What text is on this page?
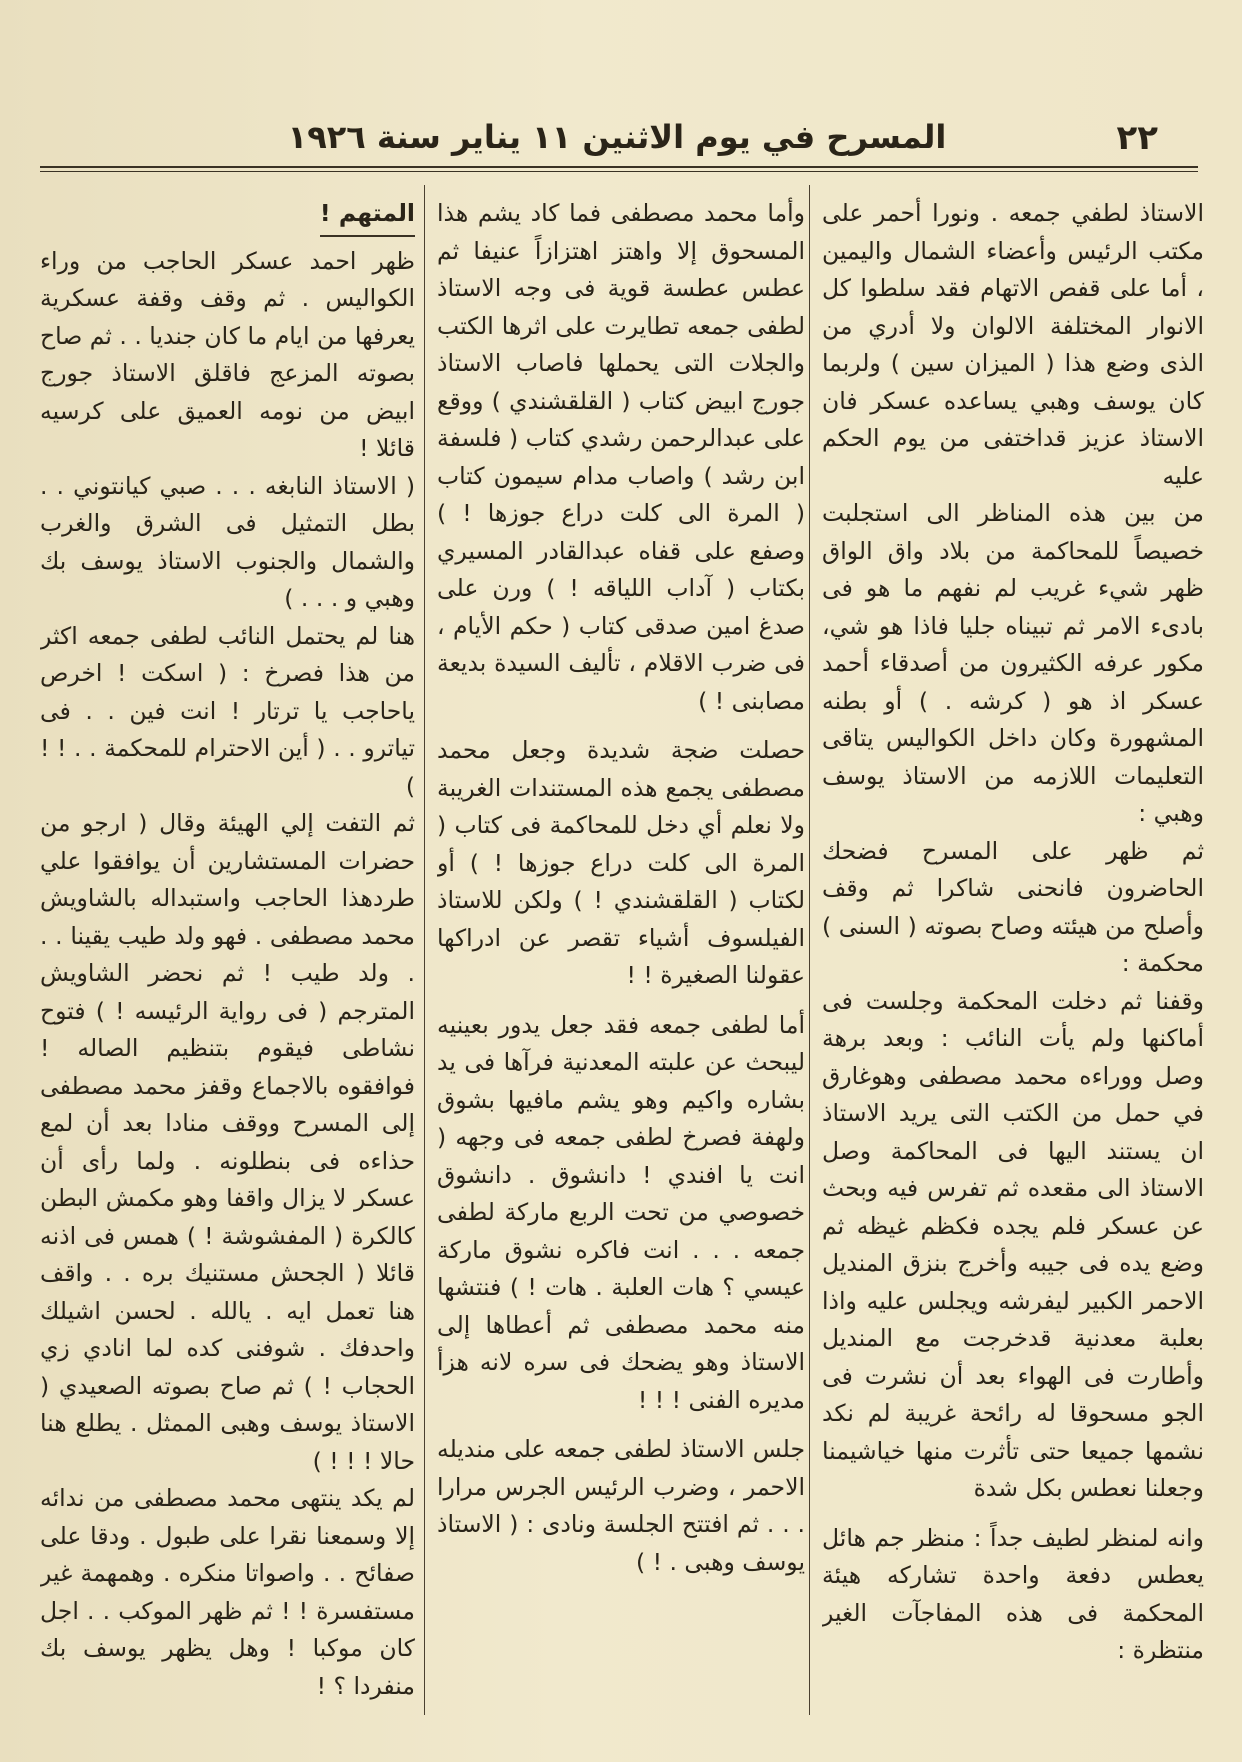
٢٢
المسرح في يوم الاثنين ١١ يناير سنة ١٩٢٦

الاستاذ لطفي جمعه . ونورا أحمر على مكتب الرئيس وأعضاء الشمال واليمين ، أما على قفص الاتهام فقد سلطوا كل الانوار المختلفة الالوان ولا أدري من الذى وضع هذا ( الميزان سين ) ولربما كان يوسف وهبي يساعده عسكر فان الاستاذ عزيز قداختفى من يوم الحكم عليه

من بين هذه المناظر الى استجلبت خصيصاً للمحاكمة من بلاد واق الواق ظهر شيء غريب لم نفهم ما هو فى بادىء الامر ثم تبيناه جليا فاذا هو شي، مكور عرفه الكثيرون من أصدقاء أحمد عسكر اذ هو ( كرشه . ) أو بطنه المشهورة وكان داخل الكواليس يتاقى التعليمات اللازمه من الاستاذ يوسف وهبي :

ثم ظهر على المسرح فضحك الحاضرون فانحنى شاكرا ثم وقف وأصلح من هيئته وصاح بصوته ( السنى ) محكمة :

وقفنا ثم دخلت المحكمة وجلست فى أماكنها ولم يأت النائب : وبعد برهة وصل ووراءه محمد مصطفى وهوغارق في حمل من الكتب التى يريد الاستاذ ان يستند اليها فى المحاكمة وصل الاستاذ الى مقعده ثم تفرس فيه وبحث عن عسكر فلم يجده فكظم غيظه ثم وضع يده فى جيبه وأخرج بنزق المنديل الاحمر الكبير ليفرشه ويجلس عليه واذا بعلبة معدنية قدخرجت مع المنديل وأطارت فى الهواء بعد أن نشرت فى الجو مسحوقا له رائحة غريبة لم نكد نشمها جميعا حتى تأثرت منها خياشيمنا وجعلنا نعطس بكل شدة

وانه لمنظر لطيف جداً : منظر جم هائل يعطس دفعة واحدة تشاركه هيئة المحكمة فى هذه المفاجآت الغير منتظرة :

وأما محمد مصطفى فما كاد يشم هذا المسحوق إلا واهتز اهتزازاً عنيفا ثم عطس عطسة قوية فى وجه الاستاذ لطفى جمعه تطايرت على اثرها الكتب والجلات التى يحملها فاصاب الاستاذ جورج ابيض كتاب ( القلقشندي ) ووقع على عبدالرحمن رشدي كتاب ( فلسفة ابن رشد ) واصاب مدام سيمون كتاب ( المرة الى كلت دراع جوزها ! ) وصفع على قفاه عبدالقادر المسيري بكتاب ( آداب اللياقه ! ) ورن على صدغ امين صدقى كتاب ( حكم الأيام ، فى ضرب الاقلام ، تأليف السيدة بديعة مصابنى ! )

حصلت ضجة شديدة وجعل محمد مصطفى يجمع هذه المستندات الغريبة ولا نعلم أي دخل للمحاكمة فى كتاب ( المرة الى كلت دراع جوزها ! ) أو لكتاب ( القلقشندي ! ) ولكن للاستاذ الفيلسوف أشياء تقصر عن ادراكها عقولنا الصغيرة ! !

أما لطفى جمعه فقد جعل يدور بعينيه ليبحث عن علبته المعدنية فرآها فى يد بشاره واكيم وهو يشم مافيها بشوق ولهفة فصرخ لطفى جمعه فى وجهه ( انت يا افندي ! دانشوق . دانشوق خصوصي من تحت الربع ماركة لطفى جمعه . . . انت فاكره نشوق ماركة عيسي ؟ هات العلبة . هات ! ) فنتشها منه محمد مصطفى ثم أعطاها إلى الاستاذ وهو يضحك فى سره لانه هزأ مديره الفنى ! ! !

جلس الاستاذ لطفى جمعه على منديله الاحمر ، وضرب الرئيس الجرس مرارا . . . ثم افتتح الجلسة ونادى : ( الاستاذ يوسف وهبى . ! )

المتهم !

ظهر احمد عسكر الحاجب من وراء الكواليس . ثم وقف وقفة عسكرية يعرفها من ايام ما كان جنديا . . ثم صاح بصوته المزعج فاقلق الاستاذ جورج ابيض من نومه العميق على كرسيه قائلا !

( الاستاذ النابغه . . . صبي كيانتوني . . بطل التمثيل فى الشرق والغرب والشمال والجنوب الاستاذ يوسف بك وهبي و . . . )

هنا لم يحتمل النائب لطفى جمعه اكثر من هذا فصرخ : ( اسكت ! اخرص ياحاجب يا ترتار ! انت فين . . فى تياترو . . ( أين الاحترام للمحكمة . . ! ! )

ثم التفت إلي الهيئة وقال ( ارجو من حضرات المستشارين أن يوافقوا علي طردهذا الحاجب واستبداله بالشاويش محمد مصطفى . فهو ولد طيب يقينا . . . ولد طيب ! ثم نحضر الشاويش المترجم ( فى رواية الرئيسه ! ) فتوح نشاطى فيقوم بتنظيم الصاله ! فوافقوه بالاجماع وقفز محمد مصطفى إلى المسرح ووقف منادا بعد أن لمع حذاءه فى بنطلونه . ولما رأى أن عسكر لا يزال واقفا وهو مكمش البطن كالكرة ( المفشوشة ! ) همس فى اذنه قائلا ( الجحش مستنيك بره . . واقف هنا تعمل ايه . يالله . لحسن اشيلك واحدفك . شوفنى كده لما انادي زي الحجاب ! ) ثم صاح بصوته الصعيدي ( الاستاذ يوسف وهبى الممثل . يطلع هنا حالا ! ! ! )

لم يكد ينتهى محمد مصطفى من ندائه إلا وسمعنا نقرا على طبول . ودقا على صفائح . . واصواتا منكره . وهمهمة غير مستفسرة ! ! ثم ظهر الموكب . . اجل كان موكبا ! وهل يظهر يوسف بك منفردا ؟ !
